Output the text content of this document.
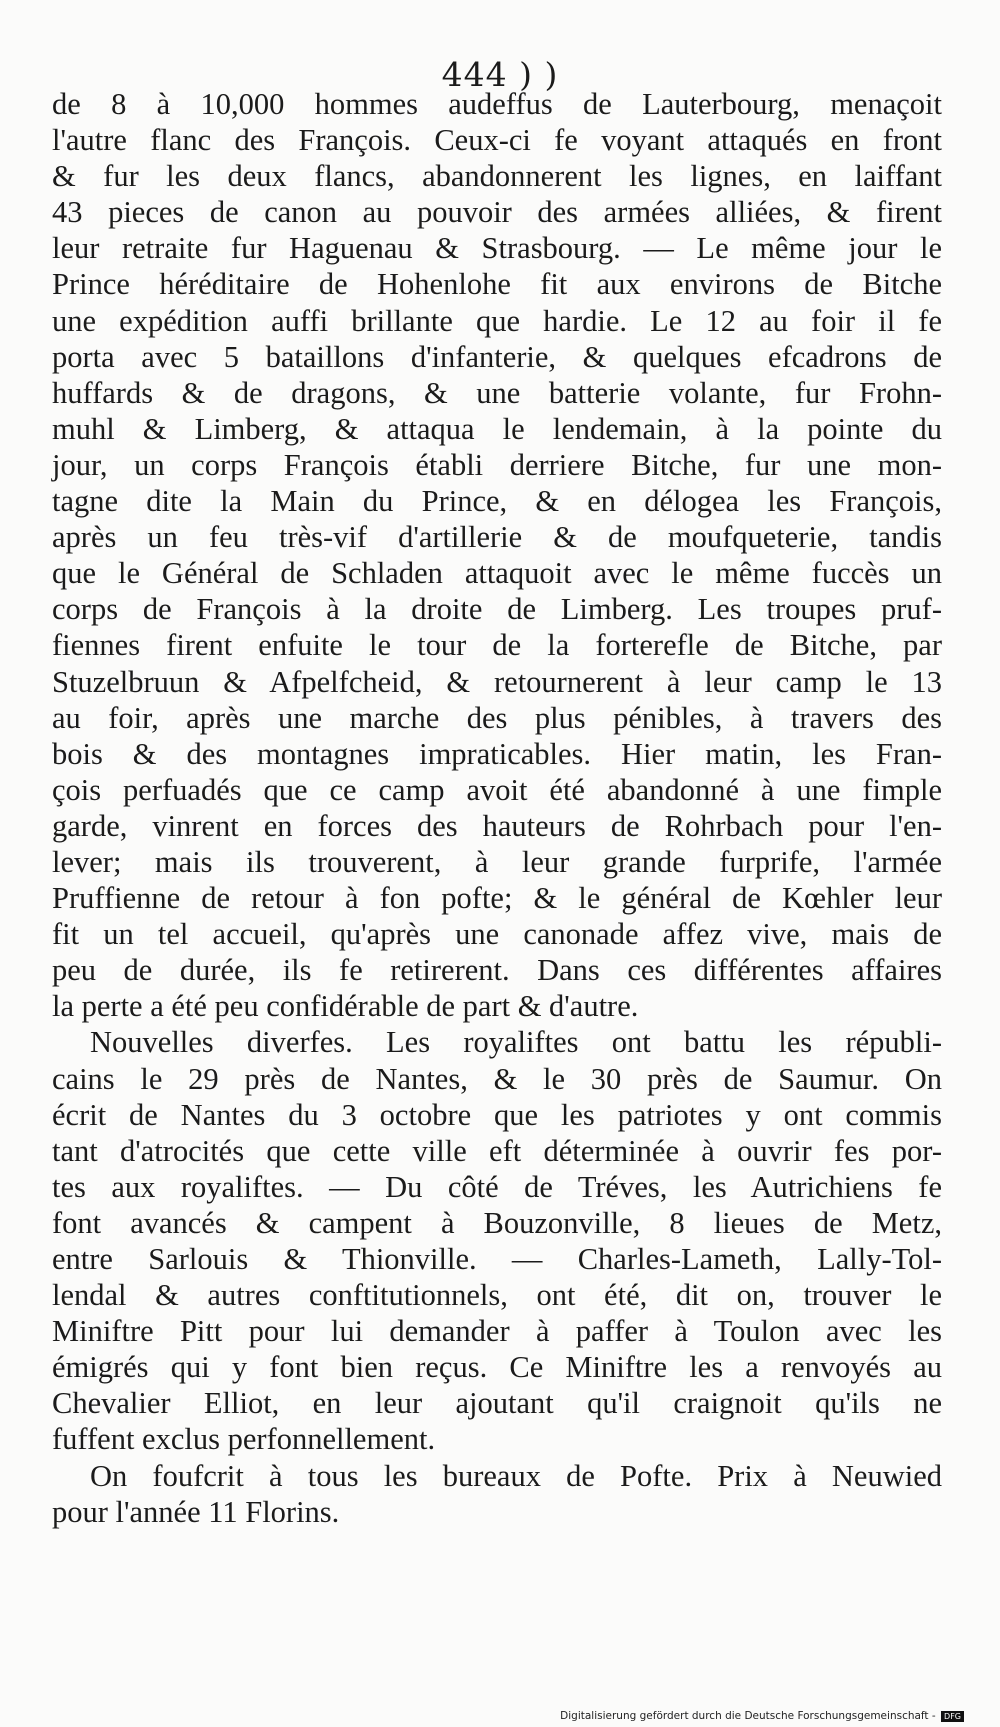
444 ) )
de 8 à 10,000 hommes audeffus de Lauterbourg, menaçoit
l'autre flanc des François. Ceux-ci fe voyant attaqués en front
& fur les deux flancs, abandonnerent les lignes, en laiffant
43 pieces de canon au pouvoir des armées alliées, & firent
leur retraite fur Haguenau & Strasbourg. — Le même jour le
Prince héréditaire de Hohenlohe fit aux environs de Bitche
une expédition auffi brillante que hardie. Le 12 au foir il fe
porta avec 5 bataillons d'infanterie, & quelques efcadrons de
huffards & de dragons, & une batterie volante, fur Frohn-
muhl & Limberg, & attaqua le lendemain, à la pointe du
jour, un corps François établi derriere Bitche, fur une mon-
tagne dite la Main du Prince, & en délogea les François,
après un feu très-vif d'artillerie & de moufqueterie, tandis
que le Général de Schladen attaquoit avec le même fuccès un
corps de François à la droite de Limberg. Les troupes pruf-
fiennes firent enfuite le tour de la forterefle de Bitche, par
Stuzelbruun & Afpelfcheid, & retournerent à leur camp le 13
au foir, après une marche des plus pénibles, à travers des
bois & des montagnes impraticables. Hier matin, les Fran-
çois perfuadés que ce camp avoit été abandonné à une fimple
garde, vinrent en forces des hauteurs de Rohrbach pour l'en-
lever; mais ils trouverent, à leur grande furprife, l'armée
Pruffienne de retour à fon pofte; & le général de Kœhler leur
fit un tel accueil, qu'après une canonade affez vive, mais de
peu de durée, ils fe retirerent. Dans ces différentes affaires
la perte a été peu confidérable de part & d'autre.
Nouvelles diverfes. Les royaliftes ont battu les républi-
cains le 29 près de Nantes, & le 30 près de Saumur. On
écrit de Nantes du 3 octobre que les patriotes y ont commis
tant d'atrocités que cette ville eft déterminée à ouvrir fes por-
tes aux royaliftes. — Du côté de Tréves, les Autrichiens fe
font avancés & campent à Bouzonville, 8 lieues de Metz,
entre Sarlouis & Thionville. — Charles-Lameth, Lally-Tol-
lendal & autres conftitutionnels, ont été, dit on, trouver le
Miniftre Pitt pour lui demander à paffer à Toulon avec les
émigrés qui y font bien reçus. Ce Miniftre les a renvoyés au
Chevalier Elliot, en leur ajoutant qu'il craignoit qu'ils ne
fuffent exclus perfonnellement.
On foufcrit à tous les bureaux de Pofte. Prix à Neuwied
pour l'année 11 Florins.
Digitalisierung gefördert durch die Deutsche Forschungsgemeinschaft - DFG
